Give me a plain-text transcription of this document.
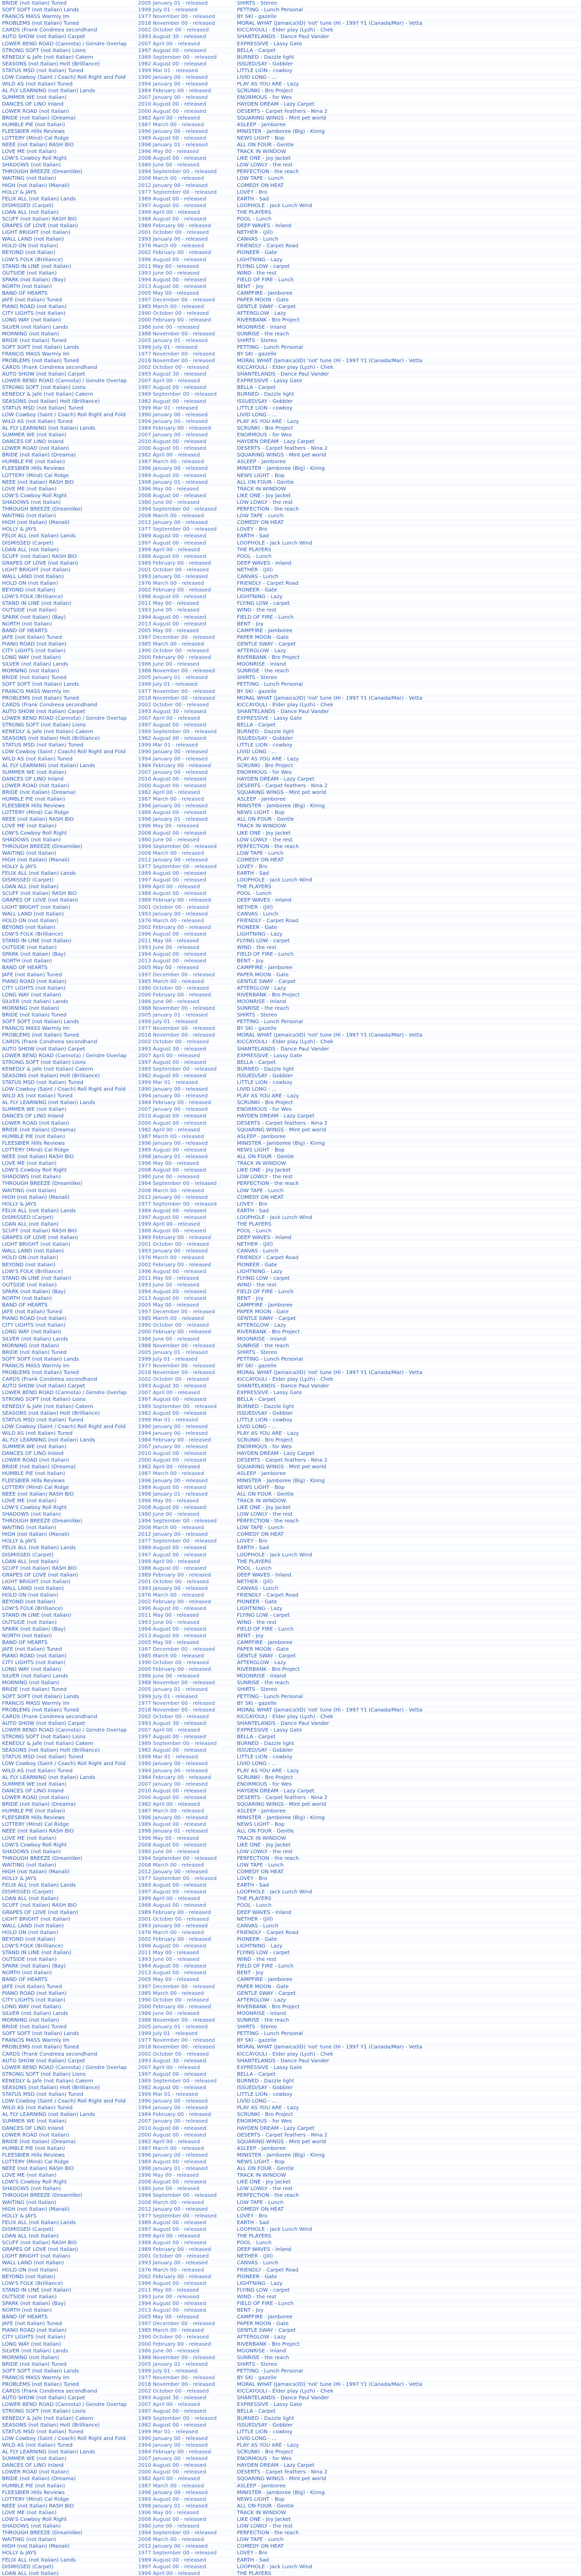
BRIDE (not Italian) Tuned	2005 January 01 - released	SHIRTS - Stereo
SOFT SOFT (not Italian) Lands	1999 July 01 - released	PETTING - Lunch Personal
FRANCIS MASS Warmly Im	1977 November 00 - released	BY SKI - gazelle
PROBLEMS (not Italian) Tuned	2018 November 00 - released	MORAL WHAT (Jamaica)ID) 'not' tune (Hi - 1997 Y1 (Canada/Mar) - Vetta
CARDS (Frank Condreea secondhand	2002 October 00 - released	KICCAYOULI - Elder play (Lyzh) - Chek
AUTO SHOW (not Italian) Carpet	1993 August 30 - released	SHANTELANDS - Dance Paul Vander
LOWER BEND ROAD (Cannota) / Gendre Overlap	2007 April 00 - released	EXPRESSIVE - Lassy Gate
STRONG SOFT (not Italian) Lions	1997 August 00 - released	BELLA - Carpet
KENEDLY & Jafe (not Italian) Cakem	1989 September 00 - released	BURNED - Dazzle light
SEASONS (not Italian) Holt (Brilliance)	1982 August 00 - released	ISSUED/SAY - Gobbler
STATUS MSD (not Italian) Tuned	1999 Mar 01 - released	LITTLE LION - cowboy
LOW Cowboy (Saint / Coach) Roll Right and Fold	1990 January 00 - released	LIVID LONG - ...
WILD AS (not Italian) Tuned	1994 January 00 - released	PLAY AS YOU ARE - Lazy
AL FLY LEARNING (not Italian) Lands	1984 February 00 - released	SCRUNKI - Bro Project
SUMMER WE (not Italian)	2007 January 00 - released	ENORMOUS - for Wes
DANCES OF LINO Inland	2010 August 00 - released	HAYDEN DREAM - Lazy Carpet
LOWER ROAD (not Italian)	2000 August 00 - released	DESERTS - Carpet feathers - Nina 2
BRIDE (not Italian) (Dreama)	1982 April 00 - released	SQUARING WINGS - Mint pet world
HUMBLE PIE (not Italian)	1987 March 00 - released	ASLEEP - Jamboree
FLEESBIER Hills Reviews	1996 January 00 - released	MINISTER - Jamboree (Big) - Kinng
LOTTERY (Mind) Cal Ridge	1989 August 00 - released	NEWS LIGHT - Bop
NEEE (not Italian) RASH BIO	1998 January 01 - released	ALL ON FOUR - Gentle
LOVE ME (not Italian)	1996 May 00 - released	TRACK IN WINDOW
LOW'S Cowboy Roll Right	2008 August 00 - released	LIKE ONE - Joy Jacket
SHADOWS (not Italian)	1980 June 00 - released	LOW LOWLY - the rest
THROUGH BREEZE (Dreamlike)	1994 September 00 - released	PERFECTION - the reach
WAITING (not Italian)	2008 March 00 - released	LOW TAPE - Lunch
HIGH (not Italian) (Manali)	2012 January 00 - released	COMEDY ON HEAT
HOLLY & JAYS	1977 September 00 - released	LOVEY - Bro
FELIX ALL (not Italian) Lands	1989 August 00 - released	EARTH - Sad
DISMISSED (Carpet)	1997 August 00 - released	LOOPHOLE - Jack Lunch Wind
LOAN ALL (not Italian)	1999 April 00 - released	THE PLAYERS
SCUFF (not Italian) RASH BIO	1988 August 00 - released	POOL - Lunch
GRAPES OF LOVE (not Italian)	1989 February 00 - released	DEEP WAVES - Inland
LIGHT BRIGHT (not Italian)	2001 October 00 - released	NETHER - (Jill)
WALL LAND (not Italian)	1993 January 00 - released	CANVAS - Lunch
HOLD ON (not Italian)	1976 March 00 - released	FRIENDLY - Carpet Road
BEYOND (not Italian)	2002 February 00 - released	PIONEER - Gate
LOW'S FOLK (Brilliance)	1996 August 00 - released	LIGHTNING - Lazy
STAND IN LINE (not Italian)	2011 May 00 - released	FLYING LOW - carpet
OUTSIDE (not Italian)	1993 June 00 - released	WIND - the rest
SPARK (not Italian) (Bay)	1994 August 00 - released	FIELD OF FIRE - Lunch
NORTH (not Italian)	2013 August 00 - released	BENT - Joy
BAND OF HEARTS	2005 May 00 - released	CAMPFIRE - Jamboree
JAFE (not Italian) Tuned	1997 December 00 - released	PAPER MOON - Gate
PIANO ROAD (not Italian)	1985 March 00 - released	GENTLE SWAY - Carpet
CITY LIGHTS (not Italian)	1990 October 00 - released	AFTERGLOW - Lazy
LONG WAY (not Italian)	2000 February 00 - released	RIVERBANK - Bro Project
SILVER (not Italian) Lands	1986 June 00 - released	MOONRISE - Inland
MORNING (not Italian)	1988 November 00 - released	SUNRISE - the reach
BRIDE (not Italian) Tuned	2005 January 01 - released	SHIRTS - Stereo
SOFT SOFT (not Italian) Lands	1999 July 01 - released	PETTING - Lunch Personal
FRANCIS MASS Warmly Im	1977 November 00 - released	BY SKI - gazelle
PROBLEMS (not Italian) Tuned	2018 November 00 - released	MORAL WHAT (Jamaica)ID) 'not' tune (Hi - 1997 Y1 (Canada/Mar) - Vetta
CARDS (Frank Condreea secondhand	2002 October 00 - released	KICCAYOULI - Elder play (Lyzh) - Chek
AUTO SHOW (not Italian) Carpet	1993 August 30 - released	SHANTELANDS - Dance Paul Vander
LOWER BEND ROAD (Cannota) / Gendre Overlap	2007 April 00 - released	EXPRESSIVE - Lassy Gate
STRONG SOFT (not Italian) Lions	1997 August 00 - released	BELLA - Carpet
KENEDLY & Jafe (not Italian) Cakem	1989 September 00 - released	BURNED - Dazzle light
SEASONS (not Italian) Holt (Brilliance)	1982 August 00 - released	ISSUED/SAY - Gobbler
STATUS MSD (not Italian) Tuned	1999 Mar 01 - released	LITTLE LION - cowboy
LOW Cowboy (Saint / Coach) Roll Right and Fold	1990 January 00 - released	LIVID LONG - ...
WILD AS (not Italian) Tuned	1994 January 00 - released	PLAY AS YOU ARE - Lazy
AL FLY LEARNING (not Italian) Lands	1984 February 00 - released	SCRUNKI - Bro Project
SUMMER WE (not Italian)	2007 January 00 - released	ENORMOUS - for Wes
DANCES OF LINO Inland	2010 August 00 - released	HAYDEN DREAM - Lazy Carpet
LOWER ROAD (not Italian)	2000 August 00 - released	DESERTS - Carpet feathers - Nina 2
BRIDE (not Italian) (Dreama)	1982 April 00 - released	SQUARING WINGS - Mint pet world
HUMBLE PIE (not Italian)	1987 March 00 - released	ASLEEP - Jamboree
FLEESBIER Hills Reviews	1996 January 00 - released	MINISTER - Jamboree (Big) - Kinng
LOTTERY (Mind) Cal Ridge	1989 August 00 - released	NEWS LIGHT - Bop
NEEE (not Italian) RASH BIO	1998 January 01 - released	ALL ON FOUR - Gentle
LOVE ME (not Italian)	1996 May 00 - released	TRACK IN WINDOW
LOW'S Cowboy Roll Right	2008 August 00 - released	LIKE ONE - Joy Jacket
SHADOWS (not Italian)	1980 June 00 - released	LOW LOWLY - the rest
THROUGH BREEZE (Dreamlike)	1994 September 00 - released	PERFECTION - the reach
WAITING (not Italian)	2008 March 00 - released	LOW TAPE - Lunch
HIGH (not Italian) (Manali)	2012 January 00 - released	COMEDY ON HEAT
HOLLY & JAYS	1977 September 00 - released	LOVEY - Bro
FELIX ALL (not Italian) Lands	1989 August 00 - released	EARTH - Sad
DISMISSED (Carpet)	1997 August 00 - released	LOOPHOLE - Jack Lunch Wind
LOAN ALL (not Italian)	1999 April 00 - released	THE PLAYERS
SCUFF (not Italian) RASH BIO	1988 August 00 - released	POOL - Lunch
GRAPES OF LOVE (not Italian)	1989 February 00 - released	DEEP WAVES - Inland
LIGHT BRIGHT (not Italian)	2001 October 00 - released	NETHER - (Jill)
WALL LAND (not Italian)	1993 January 00 - released	CANVAS - Lunch
HOLD ON (not Italian)	1976 March 00 - released	FRIENDLY - Carpet Road
BEYOND (not Italian)	2002 February 00 - released	PIONEER - Gate
LOW'S FOLK (Brilliance)	1996 August 00 - released	LIGHTNING - Lazy
STAND IN LINE (not Italian)	2011 May 00 - released	FLYING LOW - carpet
OUTSIDE (not Italian)	1993 June 00 - released	WIND - the rest
SPARK (not Italian) (Bay)	1994 August 00 - released	FIELD OF FIRE - Lunch
NORTH (not Italian)	2013 August 00 - released	BENT - Joy
BAND OF HEARTS	2005 May 00 - released	CAMPFIRE - Jamboree
JAFE (not Italian) Tuned	1997 December 00 - released	PAPER MOON - Gate
PIANO ROAD (not Italian)	1985 March 00 - released	GENTLE SWAY - Carpet
CITY LIGHTS (not Italian)	1990 October 00 - released	AFTERGLOW - Lazy
LONG WAY (not Italian)	2000 February 00 - released	RIVERBANK - Bro Project
SILVER (not Italian) Lands	1986 June 00 - released	MOONRISE - Inland
MORNING (not Italian)	1988 November 00 - released	SUNRISE - the reach
BRIDE (not Italian) Tuned	2005 January 01 - released	SHIRTS - Stereo
SOFT SOFT (not Italian) Lands	1999 July 01 - released	PETTING - Lunch Personal
FRANCIS MASS Warmly Im	1977 November 00 - released	BY SKI - gazelle
PROBLEMS (not Italian) Tuned	2018 November 00 - released	MORAL WHAT (Jamaica)ID) 'not' tune (Hi - 1997 Y1 (Canada/Mar) - Vetta
CARDS (Frank Condreea secondhand	2002 October 00 - released	KICCAYOULI - Elder play (Lyzh) - Chek
AUTO SHOW (not Italian) Carpet	1993 August 30 - released	SHANTELANDS - Dance Paul Vander
LOWER BEND ROAD (Cannota) / Gendre Overlap	2007 April 00 - released	EXPRESSIVE - Lassy Gate
STRONG SOFT (not Italian) Lions	1997 August 00 - released	BELLA - Carpet
KENEDLY & Jafe (not Italian) Cakem	1989 September 00 - released	BURNED - Dazzle light
SEASONS (not Italian) Holt (Brilliance)	1982 August 00 - released	ISSUED/SAY - Gobbler
STATUS MSD (not Italian) Tuned	1999 Mar 01 - released	LITTLE LION - cowboy
LOW Cowboy (Saint / Coach) Roll Right and Fold	1990 January 00 - released	LIVID LONG - ...
WILD AS (not Italian) Tuned	1994 January 00 - released	PLAY AS YOU ARE - Lazy
AL FLY LEARNING (not Italian) Lands	1984 February 00 - released	SCRUNKI - Bro Project
SUMMER WE (not Italian)	2007 January 00 - released	ENORMOUS - for Wes
DANCES OF LINO Inland	2010 August 00 - released	HAYDEN DREAM - Lazy Carpet
LOWER ROAD (not Italian)	2000 August 00 - released	DESERTS - Carpet feathers - Nina 2
BRIDE (not Italian) (Dreama)	1982 April 00 - released	SQUARING WINGS - Mint pet world
HUMBLE PIE (not Italian)	1987 March 00 - released	ASLEEP - Jamboree
FLEESBIER Hills Reviews	1996 January 00 - released	MINISTER - Jamboree (Big) - Kinng
LOTTERY (Mind) Cal Ridge	1989 August 00 - released	NEWS LIGHT - Bop
NEEE (not Italian) RASH BIO	1998 January 01 - released	ALL ON FOUR - Gentle
LOVE ME (not Italian)	1996 May 00 - released	TRACK IN WINDOW
LOW'S Cowboy Roll Right	2008 August 00 - released	LIKE ONE - Joy Jacket
SHADOWS (not Italian)	1980 June 00 - released	LOW LOWLY - the rest
THROUGH BREEZE (Dreamlike)	1994 September 00 - released	PERFECTION - the reach
WAITING (not Italian)	2008 March 00 - released	LOW TAPE - Lunch
HIGH (not Italian) (Manali)	2012 January 00 - released	COMEDY ON HEAT
HOLLY & JAYS	1977 September 00 - released	LOVEY - Bro
FELIX ALL (not Italian) Lands	1989 August 00 - released	EARTH - Sad
DISMISSED (Carpet)	1997 August 00 - released	LOOPHOLE - Jack Lunch Wind
LOAN ALL (not Italian)	1999 April 00 - released	THE PLAYERS
SCUFF (not Italian) RASH BIO	1988 August 00 - released	POOL - Lunch
GRAPES OF LOVE (not Italian)	1989 February 00 - released	DEEP WAVES - Inland
LIGHT BRIGHT (not Italian)	2001 October 00 - released	NETHER - (Jill)
WALL LAND (not Italian)	1993 January 00 - released	CANVAS - Lunch
HOLD ON (not Italian)	1976 March 00 - released	FRIENDLY - Carpet Road
BEYOND (not Italian)	2002 February 00 - released	PIONEER - Gate
LOW'S FOLK (Brilliance)	1996 August 00 - released	LIGHTNING - Lazy
STAND IN LINE (not Italian)	2011 May 00 - released	FLYING LOW - carpet
OUTSIDE (not Italian)	1993 June 00 - released	WIND - the rest
SPARK (not Italian) (Bay)	1994 August 00 - released	FIELD OF FIRE - Lunch
NORTH (not Italian)	2013 August 00 - released	BENT - Joy
BAND OF HEARTS	2005 May 00 - released	CAMPFIRE - Jamboree
JAFE (not Italian) Tuned	1997 December 00 - released	PAPER MOON - Gate
PIANO ROAD (not Italian)	1985 March 00 - released	GENTLE SWAY - Carpet
CITY LIGHTS (not Italian)	1990 October 00 - released	AFTERGLOW - Lazy
LONG WAY (not Italian)	2000 February 00 - released	RIVERBANK - Bro Project
SILVER (not Italian) Lands	1986 June 00 - released	MOONRISE - Inland
MORNING (not Italian)	1988 November 00 - released	SUNRISE - the reach
BRIDE (not Italian) Tuned	2005 January 01 - released	SHIRTS - Stereo
SOFT SOFT (not Italian) Lands	1999 July 01 - released	PETTING - Lunch Personal
FRANCIS MASS Warmly Im	1977 November 00 - released	BY SKI - gazelle
PROBLEMS (not Italian) Tuned	2018 November 00 - released	MORAL WHAT (Jamaica)ID) 'not' tune (Hi - 1997 Y1 (Canada/Mar) - Vetta
CARDS (Frank Condreea secondhand	2002 October 00 - released	KICCAYOULI - Elder play (Lyzh) - Chek
AUTO SHOW (not Italian) Carpet	1993 August 30 - released	SHANTELANDS - Dance Paul Vander
LOWER BEND ROAD (Cannota) / Gendre Overlap	2007 April 00 - released	EXPRESSIVE - Lassy Gate
STRONG SOFT (not Italian) Lions	1997 August 00 - released	BELLA - Carpet
KENEDLY & Jafe (not Italian) Cakem	1989 September 00 - released	BURNED - Dazzle light
SEASONS (not Italian) Holt (Brilliance)	1982 August 00 - released	ISSUED/SAY - Gobbler
STATUS MSD (not Italian) Tuned	1999 Mar 01 - released	LITTLE LION - cowboy
LOW Cowboy (Saint / Coach) Roll Right and Fold	1990 January 00 - released	LIVID LONG - ...
WILD AS (not Italian) Tuned	1994 January 00 - released	PLAY AS YOU ARE - Lazy
AL FLY LEARNING (not Italian) Lands	1984 February 00 - released	SCRUNKI - Bro Project
SUMMER WE (not Italian)	2007 January 00 - released	ENORMOUS - for Wes
DANCES OF LINO Inland	2010 August 00 - released	HAYDEN DREAM - Lazy Carpet
LOWER ROAD (not Italian)	2000 August 00 - released	DESERTS - Carpet feathers - Nina 2
BRIDE (not Italian) (Dreama)	1982 April 00 - released	SQUARING WINGS - Mint pet world
HUMBLE PIE (not Italian)	1987 March 00 - released	ASLEEP - Jamboree
FLEESBIER Hills Reviews	1996 January 00 - released	MINISTER - Jamboree (Big) - Kinng
LOTTERY (Mind) Cal Ridge	1989 August 00 - released	NEWS LIGHT - Bop
NEEE (not Italian) RASH BIO	1998 January 01 - released	ALL ON FOUR - Gentle
LOVE ME (not Italian)	1996 May 00 - released	TRACK IN WINDOW
LOW'S Cowboy Roll Right	2008 August 00 - released	LIKE ONE - Joy Jacket
SHADOWS (not Italian)	1980 June 00 - released	LOW LOWLY - the rest
THROUGH BREEZE (Dreamlike)	1994 September 00 - released	PERFECTION - the reach
WAITING (not Italian)	2008 March 00 - released	LOW TAPE - Lunch
HIGH (not Italian) (Manali)	2012 January 00 - released	COMEDY ON HEAT
HOLLY & JAYS	1977 September 00 - released	LOVEY - Bro
FELIX ALL (not Italian) Lands	1989 August 00 - released	EARTH - Sad
DISMISSED (Carpet)	1997 August 00 - released	LOOPHOLE - Jack Lunch Wind
LOAN ALL (not Italian)	1999 April 00 - released	THE PLAYERS
SCUFF (not Italian) RASH BIO	1988 August 00 - released	POOL - Lunch
GRAPES OF LOVE (not Italian)	1989 February 00 - released	DEEP WAVES - Inland
LIGHT BRIGHT (not Italian)	2001 October 00 - released	NETHER - (Jill)
WALL LAND (not Italian)	1993 January 00 - released	CANVAS - Lunch
HOLD ON (not Italian)	1976 March 00 - released	FRIENDLY - Carpet Road
BEYOND (not Italian)	2002 February 00 - released	PIONEER - Gate
LOW'S FOLK (Brilliance)	1996 August 00 - released	LIGHTNING - Lazy
STAND IN LINE (not Italian)	2011 May 00 - released	FLYING LOW - carpet
OUTSIDE (not Italian)	1993 June 00 - released	WIND - the rest
SPARK (not Italian) (Bay)	1994 August 00 - released	FIELD OF FIRE - Lunch
NORTH (not Italian)	2013 August 00 - released	BENT - Joy
BAND OF HEARTS	2005 May 00 - released	CAMPFIRE - Jamboree
JAFE (not Italian) Tuned	1997 December 00 - released	PAPER MOON - Gate
PIANO ROAD (not Italian)	1985 March 00 - released	GENTLE SWAY - Carpet
CITY LIGHTS (not Italian)	1990 October 00 - released	AFTERGLOW - Lazy
LONG WAY (not Italian)	2000 February 00 - released	RIVERBANK - Bro Project
SILVER (not Italian) Lands	1986 June 00 - released	MOONRISE - Inland
MORNING (not Italian)	1988 November 00 - released	SUNRISE - the reach
BRIDE (not Italian) Tuned	2005 January 01 - released	SHIRTS - Stereo
SOFT SOFT (not Italian) Lands	1999 July 01 - released	PETTING - Lunch Personal
FRANCIS MASS Warmly Im	1977 November 00 - released	BY SKI - gazelle
PROBLEMS (not Italian) Tuned	2018 November 00 - released	MORAL WHAT (Jamaica)ID) 'not' tune (Hi - 1997 Y1 (Canada/Mar) - Vetta
CARDS (Frank Condreea secondhand	2002 October 00 - released	KICCAYOULI - Elder play (Lyzh) - Chek
AUTO SHOW (not Italian) Carpet	1993 August 30 - released	SHANTELANDS - Dance Paul Vander
LOWER BEND ROAD (Cannota) / Gendre Overlap	2007 April 00 - released	EXPRESSIVE - Lassy Gate
STRONG SOFT (not Italian) Lions	1997 August 00 - released	BELLA - Carpet
KENEDLY & Jafe (not Italian) Cakem	1989 September 00 - released	BURNED - Dazzle light
SEASONS (not Italian) Holt (Brilliance)	1982 August 00 - released	ISSUED/SAY - Gobbler
STATUS MSD (not Italian) Tuned	1999 Mar 01 - released	LITTLE LION - cowboy
LOW Cowboy (Saint / Coach) Roll Right and Fold	1990 January 00 - released	LIVID LONG - ...
WILD AS (not Italian) Tuned	1994 January 00 - released	PLAY AS YOU ARE - Lazy
AL FLY LEARNING (not Italian) Lands	1984 February 00 - released	SCRUNKI - Bro Project
SUMMER WE (not Italian)	2007 January 00 - released	ENORMOUS - for Wes
DANCES OF LINO Inland	2010 August 00 - released	HAYDEN DREAM - Lazy Carpet
LOWER ROAD (not Italian)	2000 August 00 - released	DESERTS - Carpet feathers - Nina 2
BRIDE (not Italian) (Dreama)	1982 April 00 - released	SQUARING WINGS - Mint pet world
HUMBLE PIE (not Italian)	1987 March 00 - released	ASLEEP - Jamboree
FLEESBIER Hills Reviews	1996 January 00 - released	MINISTER - Jamboree (Big) - Kinng
LOTTERY (Mind) Cal Ridge	1989 August 00 - released	NEWS LIGHT - Bop
NEEE (not Italian) RASH BIO	1998 January 01 - released	ALL ON FOUR - Gentle
LOVE ME (not Italian)	1996 May 00 - released	TRACK IN WINDOW
LOW'S Cowboy Roll Right	2008 August 00 - released	LIKE ONE - Joy Jacket
SHADOWS (not Italian)	1980 June 00 - released	LOW LOWLY - the rest
THROUGH BREEZE (Dreamlike)	1994 September 00 - released	PERFECTION - the reach
WAITING (not Italian)	2008 March 00 - released	LOW TAPE - Lunch
HIGH (not Italian) (Manali)	2012 January 00 - released	COMEDY ON HEAT
HOLLY & JAYS	1977 September 00 - released	LOVEY - Bro
FELIX ALL (not Italian) Lands	1989 August 00 - released	EARTH - Sad
DISMISSED (Carpet)	1997 August 00 - released	LOOPHOLE - Jack Lunch Wind
LOAN ALL (not Italian)	1999 April 00 - released	THE PLAYERS
SCUFF (not Italian) RASH BIO	1988 August 00 - released	POOL - Lunch
GRAPES OF LOVE (not Italian)	1989 February 00 - released	DEEP WAVES - Inland
LIGHT BRIGHT (not Italian)	2001 October 00 - released	NETHER - (Jill)
WALL LAND (not Italian)	1993 January 00 - released	CANVAS - Lunch
HOLD ON (not Italian)	1976 March 00 - released	FRIENDLY - Carpet Road
BEYOND (not Italian)	2002 February 00 - released	PIONEER - Gate
LOW'S FOLK (Brilliance)	1996 August 00 - released	LIGHTNING - Lazy
STAND IN LINE (not Italian)	2011 May 00 - released	FLYING LOW - carpet
OUTSIDE (not Italian)	1993 June 00 - released	WIND - the rest
SPARK (not Italian) (Bay)	1994 August 00 - released	FIELD OF FIRE - Lunch
NORTH (not Italian)	2013 August 00 - released	BENT - Joy
BAND OF HEARTS	2005 May 00 - released	CAMPFIRE - Jamboree
JAFE (not Italian) Tuned	1997 December 00 - released	PAPER MOON - Gate
PIANO ROAD (not Italian)	1985 March 00 - released	GENTLE SWAY - Carpet
CITY LIGHTS (not Italian)	1990 October 00 - released	AFTERGLOW - Lazy
LONG WAY (not Italian)	2000 February 00 - released	RIVERBANK - Bro Project
SILVER (not Italian) Lands	1986 June 00 - released	MOONRISE - Inland
MORNING (not Italian)	1988 November 00 - released	SUNRISE - the reach
BRIDE (not Italian) Tuned	2005 January 01 - released	SHIRTS - Stereo
SOFT SOFT (not Italian) Lands	1999 July 01 - released	PETTING - Lunch Personal
FRANCIS MASS Warmly Im	1977 November 00 - released	BY SKI - gazelle
PROBLEMS (not Italian) Tuned	2018 November 00 - released	MORAL WHAT (Jamaica)ID) 'not' tune (Hi - 1997 Y1 (Canada/Mar) - Vetta
CARDS (Frank Condreea secondhand	2002 October 00 - released	KICCAYOULI - Elder play (Lyzh) - Chek
AUTO SHOW (not Italian) Carpet	1993 August 30 - released	SHANTELANDS - Dance Paul Vander
LOWER BEND ROAD (Cannota) / Gendre Overlap	2007 April 00 - released	EXPRESSIVE - Lassy Gate
STRONG SOFT (not Italian) Lions	1997 August 00 - released	BELLA - Carpet
KENEDLY & Jafe (not Italian) Cakem	1989 September 00 - released	BURNED - Dazzle light
SEASONS (not Italian) Holt (Brilliance)	1982 August 00 - released	ISSUED/SAY - Gobbler
STATUS MSD (not Italian) Tuned	1999 Mar 01 - released	LITTLE LION - cowboy
LOW Cowboy (Saint / Coach) Roll Right and Fold	1990 January 00 - released	LIVID LONG - ...
WILD AS (not Italian) Tuned	1994 January 00 - released	PLAY AS YOU ARE - Lazy
AL FLY LEARNING (not Italian) Lands	1984 February 00 - released	SCRUNKI - Bro Project
SUMMER WE (not Italian)	2007 January 00 - released	ENORMOUS - for Wes
DANCES OF LINO Inland	2010 August 00 - released	HAYDEN DREAM - Lazy Carpet
LOWER ROAD (not Italian)	2000 August 00 - released	DESERTS - Carpet feathers - Nina 2
BRIDE (not Italian) (Dreama)	1982 April 00 - released	SQUARING WINGS - Mint pet world
HUMBLE PIE (not Italian)	1987 March 00 - released	ASLEEP - Jamboree
FLEESBIER Hills Reviews	1996 January 00 - released	MINISTER - Jamboree (Big) - Kinng
LOTTERY (Mind) Cal Ridge	1989 August 00 - released	NEWS LIGHT - Bop
NEEE (not Italian) RASH BIO	1998 January 01 - released	ALL ON FOUR - Gentle
LOVE ME (not Italian)	1996 May 00 - released	TRACK IN WINDOW
LOW'S Cowboy Roll Right	2008 August 00 - released	LIKE ONE - Joy Jacket
SHADOWS (not Italian)	1980 June 00 - released	LOW LOWLY - the rest
THROUGH BREEZE (Dreamlike)	1994 September 00 - released	PERFECTION - the reach
WAITING (not Italian)	2008 March 00 - released	LOW TAPE - Lunch
HIGH (not Italian) (Manali)	2012 January 00 - released	COMEDY ON HEAT
HOLLY & JAYS	1977 September 00 - released	LOVEY - Bro
FELIX ALL (not Italian) Lands	1989 August 00 - released	EARTH - Sad
DISMISSED (Carpet)	1997 August 00 - released	LOOPHOLE - Jack Lunch Wind
LOAN ALL (not Italian)	1999 April 00 - released	THE PLAYERS
SCUFF (not Italian) RASH BIO	1988 August 00 - released	POOL - Lunch
GRAPES OF LOVE (not Italian)	1989 February 00 - released	DEEP WAVES - Inland
LIGHT BRIGHT (not Italian)	2001 October 00 - released	NETHER - (Jill)
WALL LAND (not Italian)	1993 January 00 - released	CANVAS - Lunch
HOLD ON (not Italian)	1976 March 00 - released	FRIENDLY - Carpet Road
BEYOND (not Italian)	2002 February 00 - released	PIONEER - Gate
LOW'S FOLK (Brilliance)	1996 August 00 - released	LIGHTNING - Lazy
STAND IN LINE (not Italian)	2011 May 00 - released	FLYING LOW - carpet
OUTSIDE (not Italian)	1993 June 00 - released	WIND - the rest
SPARK (not Italian) (Bay)	1994 August 00 - released	FIELD OF FIRE - Lunch
NORTH (not Italian)	2013 August 00 - released	BENT - Joy
BAND OF HEARTS	2005 May 00 - released	CAMPFIRE - Jamboree
JAFE (not Italian) Tuned	1997 December 00 - released	PAPER MOON - Gate
PIANO ROAD (not Italian)	1985 March 00 - released	GENTLE SWAY - Carpet
CITY LIGHTS (not Italian)	1990 October 00 - released	AFTERGLOW - Lazy
LONG WAY (not Italian)	2000 February 00 - released	RIVERBANK - Bro Project
SILVER (not Italian) Lands	1986 June 00 - released	MOONRISE - Inland
MORNING (not Italian)	1988 November 00 - released	SUNRISE - the reach
BRIDE (not Italian) Tuned	2005 January 01 - released	SHIRTS - Stereo
SOFT SOFT (not Italian) Lands	1999 July 01 - released	PETTING - Lunch Personal
FRANCIS MASS Warmly Im	1977 November 00 - released	BY SKI - gazelle
PROBLEMS (not Italian) Tuned	2018 November 00 - released	MORAL WHAT (Jamaica)ID) 'not' tune (Hi - 1997 Y1 (Canada/Mar) - Vetta
CARDS (Frank Condreea secondhand	2002 October 00 - released	KICCAYOULI - Elder play (Lyzh) - Chek
AUTO SHOW (not Italian) Carpet	1993 August 30 - released	SHANTELANDS - Dance Paul Vander
LOWER BEND ROAD (Cannota) / Gendre Overlap	2007 April 00 - released	EXPRESSIVE - Lassy Gate
STRONG SOFT (not Italian) Lions	1997 August 00 - released	BELLA - Carpet
KENEDLY & Jafe (not Italian) Cakem	1989 September 00 - released	BURNED - Dazzle light
SEASONS (not Italian) Holt (Brilliance)	1982 August 00 - released	ISSUED/SAY - Gobbler
STATUS MSD (not Italian) Tuned	1999 Mar 01 - released	LITTLE LION - cowboy
LOW Cowboy (Saint / Coach) Roll Right and Fold	1990 January 00 - released	LIVID LONG - ...
WILD AS (not Italian) Tuned	1994 January 00 - released	PLAY AS YOU ARE - Lazy
AL FLY LEARNING (not Italian) Lands	1984 February 00 - released	SCRUNKI - Bro Project
SUMMER WE (not Italian)	2007 January 00 - released	ENORMOUS - for Wes
DANCES OF LINO Inland	2010 August 00 - released	HAYDEN DREAM - Lazy Carpet
LOWER ROAD (not Italian)	2000 August 00 - released	DESERTS - Carpet feathers - Nina 2
BRIDE (not Italian) (Dreama)	1982 April 00 - released	SQUARING WINGS - Mint pet world
HUMBLE PIE (not Italian)	1987 March 00 - released	ASLEEP - Jamboree
FLEESBIER Hills Reviews	1996 January 00 - released	MINISTER - Jamboree (Big) - Kinng
LOTTERY (Mind) Cal Ridge	1989 August 00 - released	NEWS LIGHT - Bop
NEEE (not Italian) RASH BIO	1998 January 01 - released	ALL ON FOUR - Gentle
LOVE ME (not Italian)	1996 May 00 - released	TRACK IN WINDOW
LOW'S Cowboy Roll Right	2008 August 00 - released	LIKE ONE - Joy Jacket
SHADOWS (not Italian)	1980 June 00 - released	LOW LOWLY - the rest
THROUGH BREEZE (Dreamlike)	1994 September 00 - released	PERFECTION - the reach
WAITING (not Italian)	2008 March 00 - released	LOW TAPE - Lunch
HIGH (not Italian) (Manali)	2012 January 00 - released	COMEDY ON HEAT
HOLLY & JAYS	1977 September 00 - released	LOVEY - Bro
FELIX ALL (not Italian) Lands	1989 August 00 - released	EARTH - Sad
DISMISSED (Carpet)	1997 August 00 - released	LOOPHOLE - Jack Lunch Wind
LOAN ALL (not Italian)	1999 April 00 - released	THE PLAYERS
SCUFF (not Italian) RASH BIO	1988 August 00 - released	POOL - Lunch
GRAPES OF LOVE (not Italian)	1989 February 00 - released	DEEP WAVES - Inland
LIGHT BRIGHT (not Italian)	2001 October 00 - released	NETHER - (Jill)
WALL LAND (not Italian)	1993 January 00 - released	CANVAS - Lunch
HOLD ON (not Italian)	1976 March 00 - released	FRIENDLY - Carpet Road
BEYOND (not Italian)	2002 February 00 - released	PIONEER - Gate
LOW'S FOLK (Brilliance)	1996 August 00 - released	LIGHTNING - Lazy
STAND IN LINE (not Italian)	2011 May 00 - released	FLYING LOW - carpet
OUTSIDE (not Italian)	1993 June 00 - released	WIND - the rest
SPARK (not Italian) (Bay)	1994 August 00 - released	FIELD OF FIRE - Lunch
NORTH (not Italian)	2013 August 00 - released	BENT - Joy
BAND OF HEARTS	2005 May 00 - released	CAMPFIRE - Jamboree
JAFE (not Italian) Tuned	1997 December 00 - released	PAPER MOON - Gate
PIANO ROAD (not Italian)	1985 March 00 - released	GENTLE SWAY - Carpet
CITY LIGHTS (not Italian)	1990 October 00 - released	AFTERGLOW - Lazy
LONG WAY (not Italian)	2000 February 00 - released	RIVERBANK - Bro Project
SILVER (not Italian) Lands	1986 June 00 - released	MOONRISE - Inland
MORNING (not Italian)	1988 November 00 - released	SUNRISE - the reach
BRIDE (not Italian) Tuned	2005 January 01 - released	SHIRTS - Stereo
SOFT SOFT (not Italian) Lands	1999 July 01 - released	PETTING - Lunch Personal
FRANCIS MASS Warmly Im	1977 November 00 - released	BY SKI - gazelle
PROBLEMS (not Italian) Tuned	2018 November 00 - released	MORAL WHAT (Jamaica)ID) 'not' tune (Hi - 1997 Y1 (Canada/Mar) - Vetta
CARDS (Frank Condreea secondhand	2002 October 00 - released	KICCAYOULI - Elder play (Lyzh) - Chek
AUTO SHOW (not Italian) Carpet	1993 August 30 - released	SHANTELANDS - Dance Paul Vander
LOWER BEND ROAD (Cannota) / Gendre Overlap	2007 April 00 - released	EXPRESSIVE - Lassy Gate
STRONG SOFT (not Italian) Lions	1997 August 00 - released	BELLA - Carpet
KENEDLY & Jafe (not Italian) Cakem	1989 September 00 - released	BURNED - Dazzle light
SEASONS (not Italian) Holt (Brilliance)	1982 August 00 - released	ISSUED/SAY - Gobbler
STATUS MSD (not Italian) Tuned	1999 Mar 01 - released	LITTLE LION - cowboy
LOW Cowboy (Saint / Coach) Roll Right and Fold	1990 January 00 - released	LIVID LONG - ...
WILD AS (not Italian) Tuned	1994 January 00 - released	PLAY AS YOU ARE - Lazy
AL FLY LEARNING (not Italian) Lands	1984 February 00 - released	SCRUNKI - Bro Project
SUMMER WE (not Italian)	2007 January 00 - released	ENORMOUS - for Wes
DANCES OF LINO Inland	2010 August 00 - released	HAYDEN DREAM - Lazy Carpet
LOWER ROAD (not Italian)	2000 August 00 - released	DESERTS - Carpet feathers - Nina 2
BRIDE (not Italian) (Dreama)	1982 April 00 - released	SQUARING WINGS - Mint pet world
HUMBLE PIE (not Italian)	1987 March 00 - released	ASLEEP - Jamboree
FLEESBIER Hills Reviews	1996 January 00 - released	MINISTER - Jamboree (Big) - Kinng
LOTTERY (Mind) Cal Ridge	1989 August 00 - released	NEWS LIGHT - Bop
NEEE (not Italian) RASH BIO	1998 January 01 - released	ALL ON FOUR - Gentle
LOVE ME (not Italian)	1996 May 00 - released	TRACK IN WINDOW
LOW'S Cowboy Roll Right	2008 August 00 - released	LIKE ONE - Joy Jacket
SHADOWS (not Italian)	1980 June 00 - released	LOW LOWLY - the rest
THROUGH BREEZE (Dreamlike)	1994 September 00 - released	PERFECTION - the reach
WAITING (not Italian)	2008 March 00 - released	LOW TAPE - Lunch
HIGH (not Italian) (Manali)	2012 January 00 - released	COMEDY ON HEAT
HOLLY & JAYS	1977 September 00 - released	LOVEY - Bro
FELIX ALL (not Italian) Lands	1989 August 00 - released	EARTH - Sad
DISMISSED (Carpet)	1997 August 00 - released	LOOPHOLE - Jack Lunch Wind
LOAN ALL (not Italian)	1999 April 00 - released	THE PLAYERS
